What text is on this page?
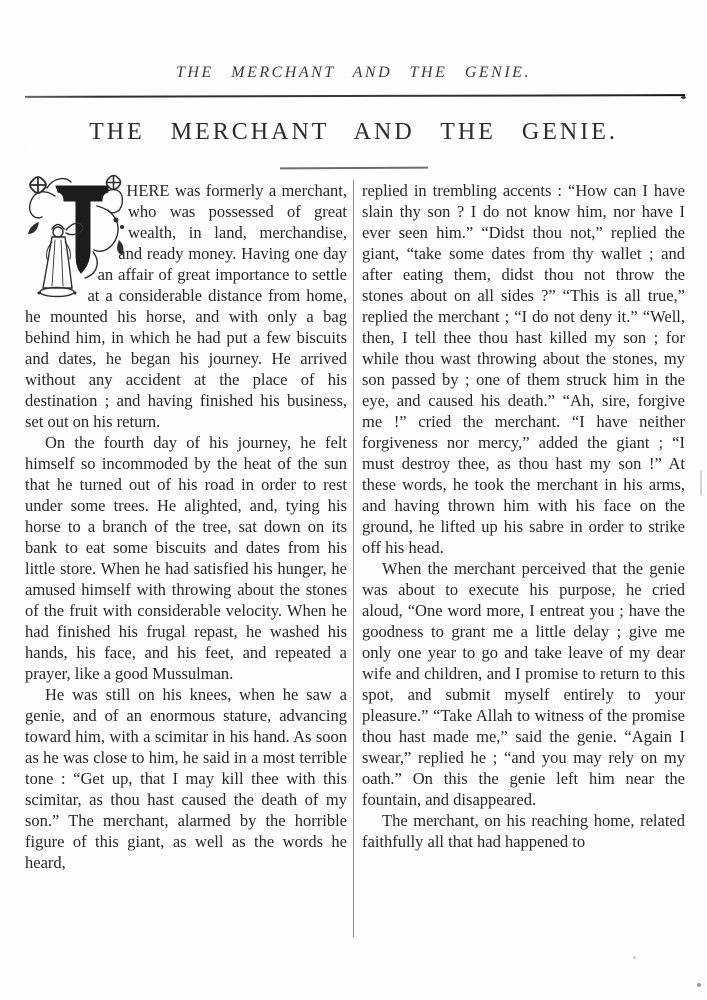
THE MERCHANT AND THE GENIE.
THE MERCHANT AND THE GENIE.

T
HERE was formerly a merchant, who was possessed of great wealth, in land, merchandise, and ready money. Having one day an affair of great importance to settle at a considerable distance from home, he mounted his horse, and with only a bag behind him, in which he had put a few biscuits and dates, he began his journey. He arrived without any accident at the place of his destination ; and having finished his business, set out on his return.

On the fourth day of his journey, he felt himself so incommoded by the heat of the sun that he turned out of his road in order to rest under some trees. He alighted, and, tying his horse to a branch of the tree, sat down on its bank to eat some biscuits and dates from his little store. When he had satisfied his hunger, he amused himself with throwing about the stones of the fruit with considerable velocity. When he had finished his frugal repast, he washed his hands, his face, and his feet, and repeated a prayer, like a good Mussulman.

He was still on his knees, when he saw a genie, and of an enormous stature, advancing toward him, with a scimitar in his hand. As soon as he was close to him, he said in a most terrible tone : “Get up, that I may kill thee with this scimitar, as thou hast caused the death of my son.” The merchant, alarmed by the horrible figure of this giant, as well as the words he heard,

replied in trembling accents : “How can I have slain thy son ? I do not know him, nor have I ever seen him.” “Didst thou not,” replied the giant, “take some dates from thy wallet ; and after eating them, didst thou not throw the stones about on all sides ?” “This is all true,” replied the merchant ; “I do not deny it.” “Well, then, I tell thee thou hast killed my son ; for while thou wast throwing about the stones, my son passed by ; one of them struck him in the eye, and caused his death.” “Ah, sire, forgive me !” cried the merchant. “I have neither forgiveness nor mercy,” added the giant ; “I must destroy thee, as thou hast my son !” At these words, he took the merchant in his arms, and having thrown him with his face on the ground, he lifted up his sabre in order to strike off his head.

When the merchant perceived that the genie was about to execute his purpose, he cried aloud, “One word more, I entreat you ; have the goodness to grant me a little delay ; give me only one year to go and take leave of my dear wife and children, and I promise to return to this spot, and submit myself entirely to your pleasure.” “Take Allah to witness of the promise thou hast made me,” said the genie. “Again I swear,” replied he ; “and you may rely on my oath.” On this the genie left him near the fountain, and disappeared.

The merchant, on his reaching home, related faithfully all that had happened to
